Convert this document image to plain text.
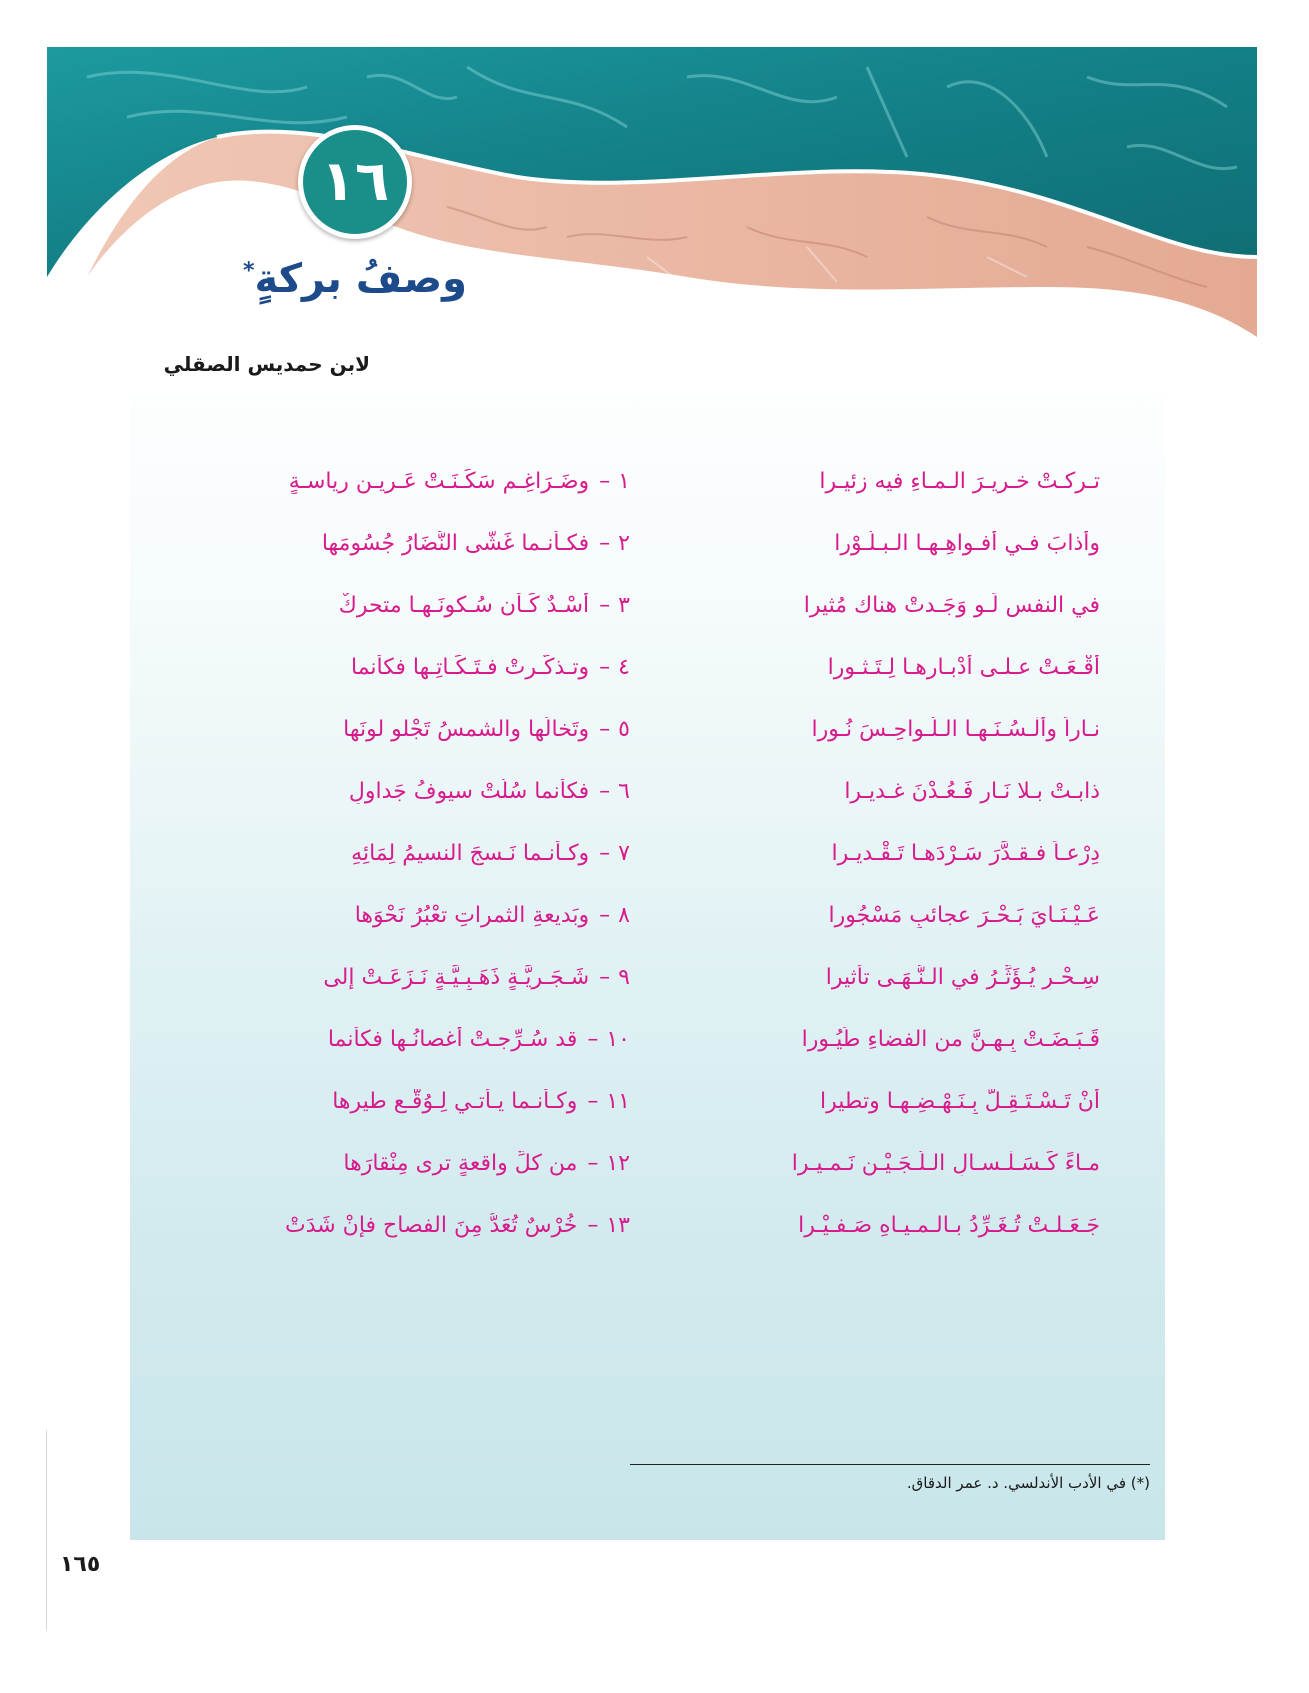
١٦
وصفُ بركةٍ*
لابن حمديس الصقلي
١–وضَـرَاغِـم سَكَـنَـتْ عَـرِيـن رياسـةٍ	تـركـتْ خـريـرَ الـمـاءِ فيه زئيـرا
٢–فكـأنـما غَشَّى النُّضَارُ جُسُومَها	وأذابَ فـي أفـواهِـهـا الـبـلّـوْرا
٣–أُسْـدٌ كَـأَن سُـكونَـهـا متحركٌ	في النفسِ لَـو وَجَـدتْ هناك مُثيرا
٤–وتـذكَّـرتْ فـتَـكَـاتِـها فكأنما	أقْـعَـتْ عـلـى أدْبـارِهـا لِـتَـثـورا
٥–وتَخالُها والشمسُ تَجْلو لونَها	نـاراً وألْـسُـنَـهـا الـلَّـواحِـسَ نُـورا
٦–فكأنما سُلَّتْ سيوفُ جَداولٍ	ذابـتْ بـلا نَـارٍ فَـعُـدْنَ غـديـرا
٧–وكـأنـما نَـسجَ النسيمُ لِمَائِهِ	دِرْعـاً فـقـدَّرَ سَـرْدَهـا تَـقْـديـرا
٨–وبَديعةِ الثمراتِ تعْبُرُ نَحْوَها	عَـيْـنَـايَ بَـحْـرَ عجائبٍ مَسْجُورا
٩–شَـجَـرِيَّـةٍ ذَهَـبِـيَّـةٍ نَـزَعَـتْ إلى	سِـحْـرٍ يُـؤَثِّـرُ في الـنُّـهَـى تأثيرا
١٠–قد سُـرِّجـتْ أغصانُـها فكأنما	قَـبَـضَـتْ بِـهِـنَّ من الفضاءِ طُيُـورا
١١–وكـأنـما يـأتـي لِـوُقّـعِ طيرِها	أنْ تَـسْـتَـقِـلَّ بِـنَـهْـضِـهـا وتطيرا
١٢–من كلِّ واقعةٍ ترى مِنْقارَها	مـاءً كَـسَـلْـسـالِ الـلُّـجَـيْـنِ نَـمـيـرا
١٣–خُرْسٌ تُعَدُّ مِنَ الفصاحِ فإنْ شَدَتْ	جَـعَـلـتْ تُـغَـرِّدُ بـالـمـيـاهِ صَـفـيْـرا
(*) في الأدب الأندلسي. د. عمر الدقاق.
١٦٥
